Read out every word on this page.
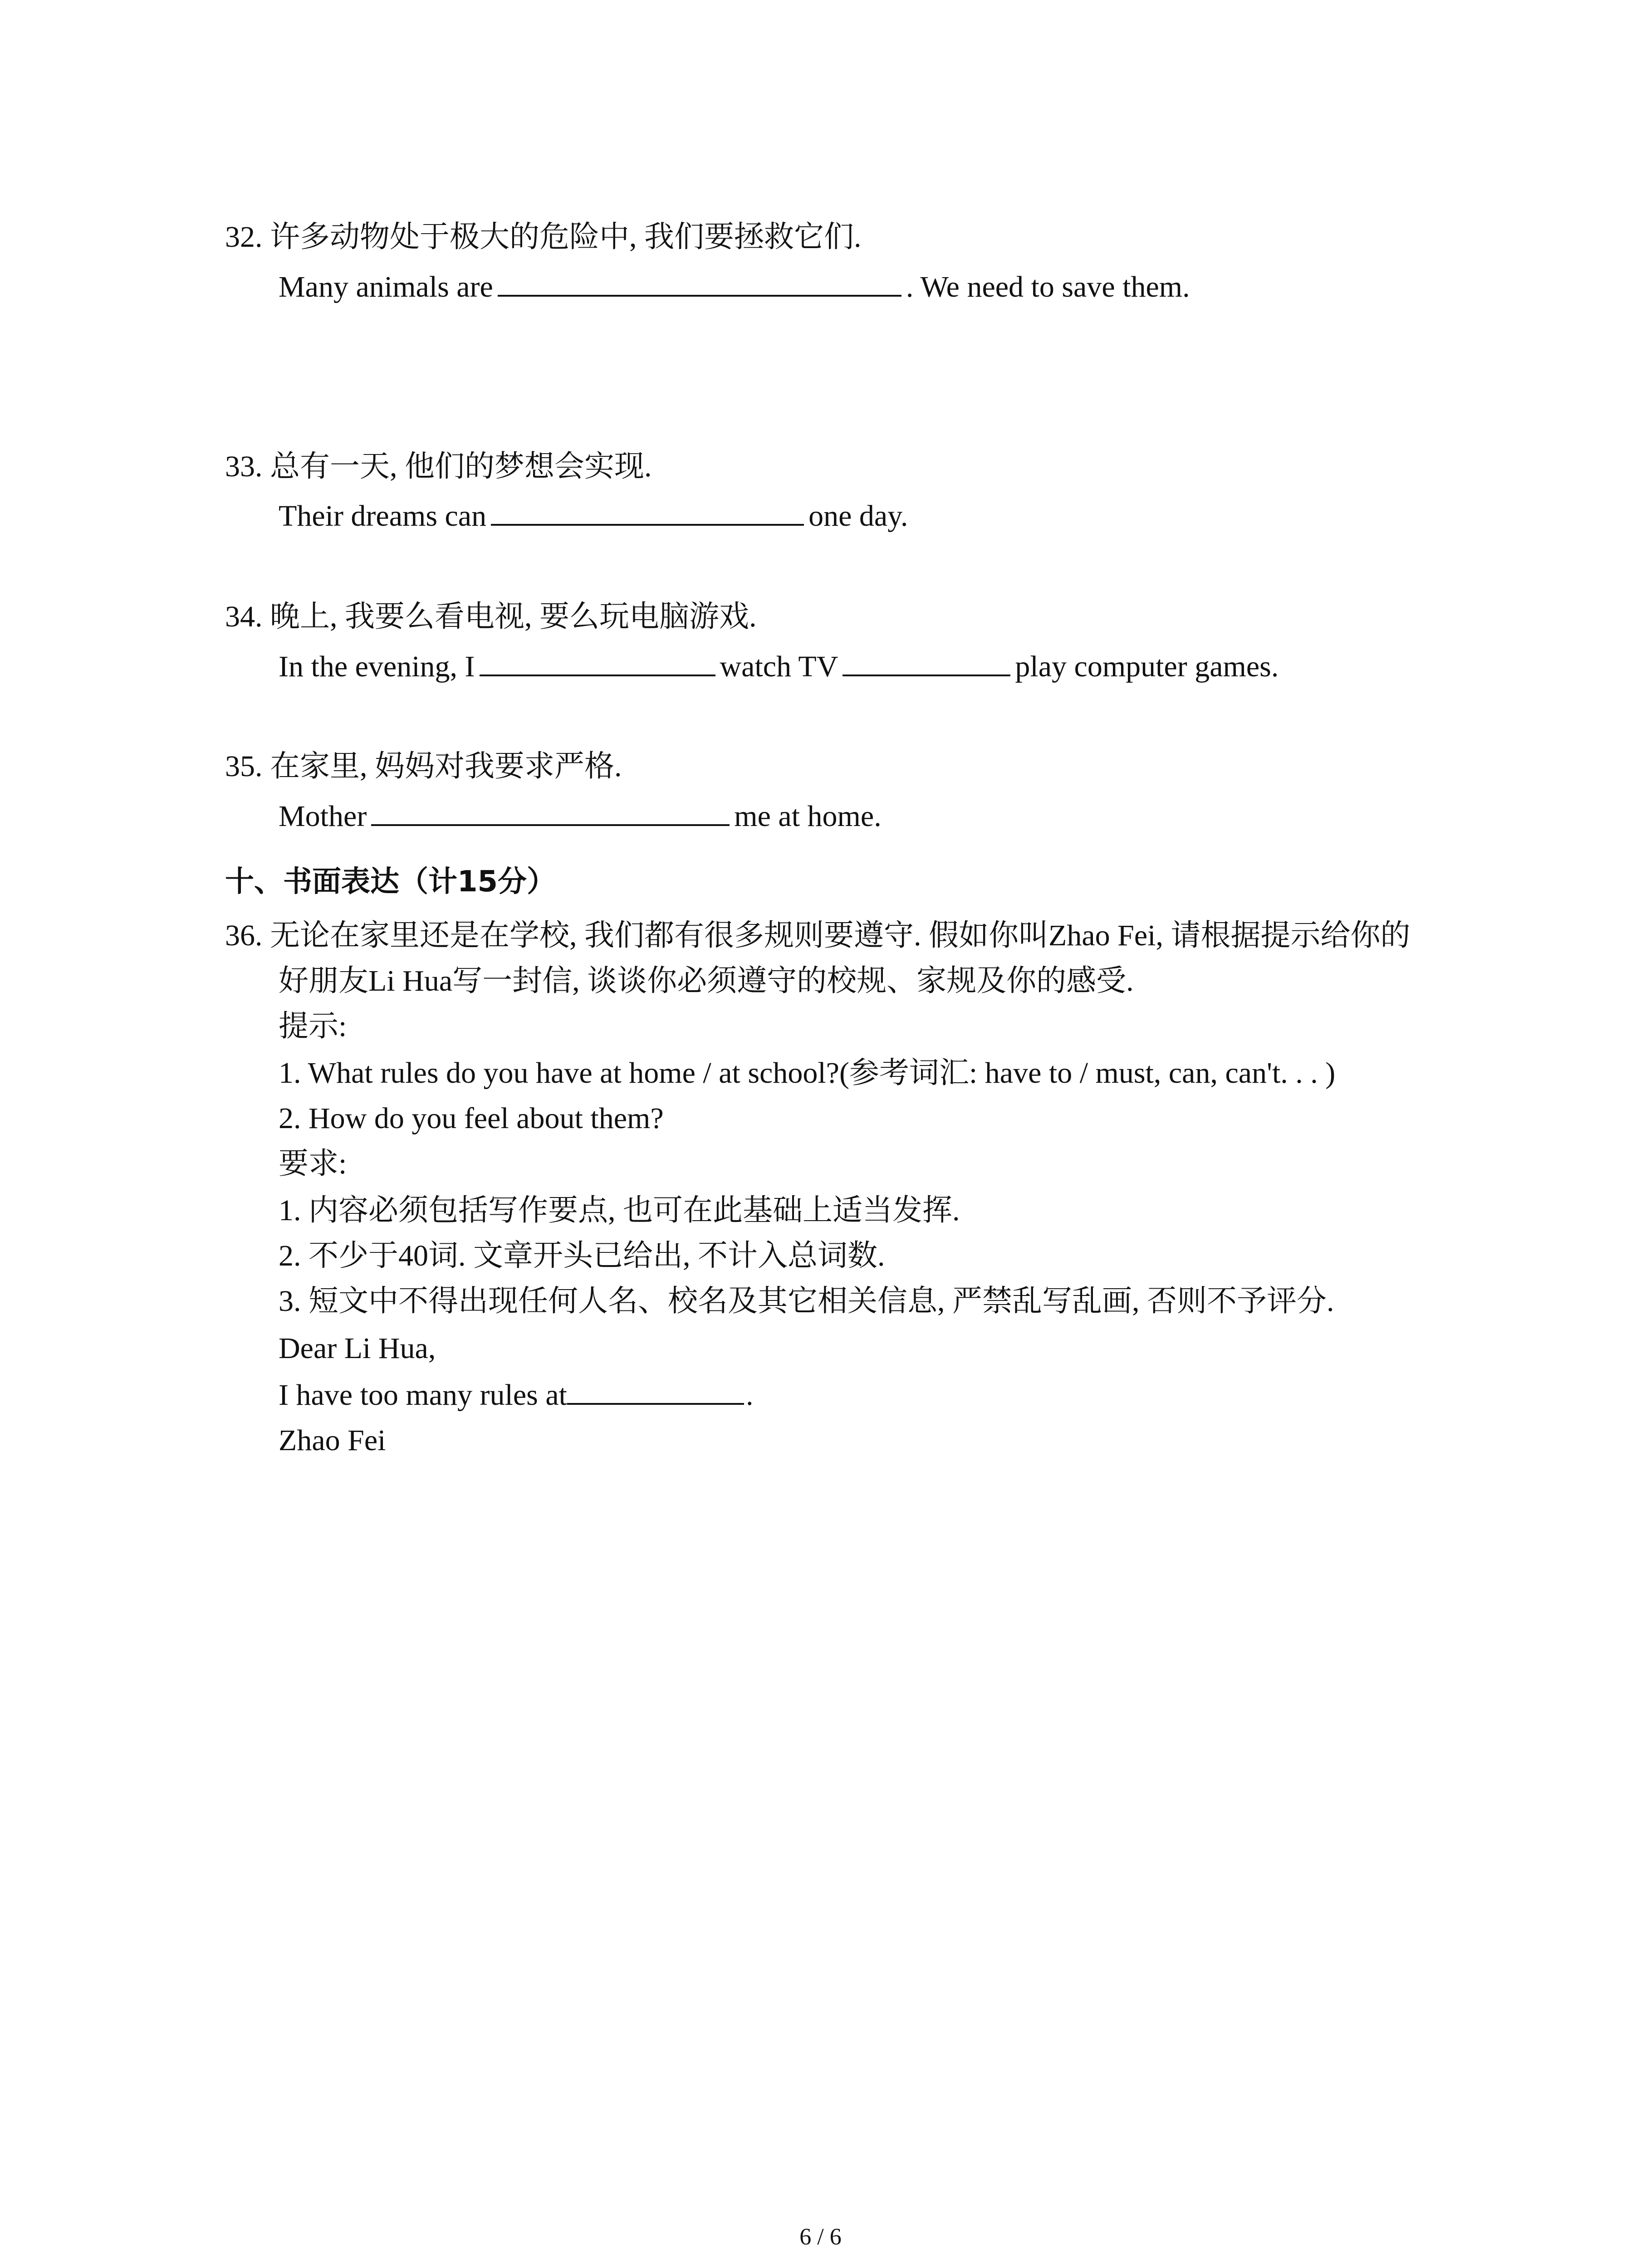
32. 许多动物处于极大的危险中, 我们要拯救它们.
Many animals are	. We need to save them.
33. 总有一天, 他们的梦想会实现.
Their dreams can	one day.
34. 晚上, 我要么看电视, 要么玩电脑游戏.
In the evening, I	watch TV	play computer games.
35. 在家里, 妈妈对我要求严格.
Mother	me at home.
十、书面表达（计15分）
36. 无论在家里还是在学校, 我们都有很多规则要遵守. 假如你叫Zhao Fei, 请根据提示给你的
好朋友Li Hua写一封信, 谈谈你必须遵守的校规、家规及你的感受.
提示:
1. What rules do you have at home / at school?(参考词汇: have to / must, can, can't. . . )
2. How do you feel about them?
要求:
1. 内容必须包括写作要点, 也可在此基础上适当发挥.
2. 不少于40词. 文章开头已给出, 不计入总词数.
3. 短文中不得出现任何人名、校名及其它相关信息, 严禁乱写乱画, 否则不予评分.
Dear Li Hua,
I have too many rules at	.
Zhao Fei
6 / 6
